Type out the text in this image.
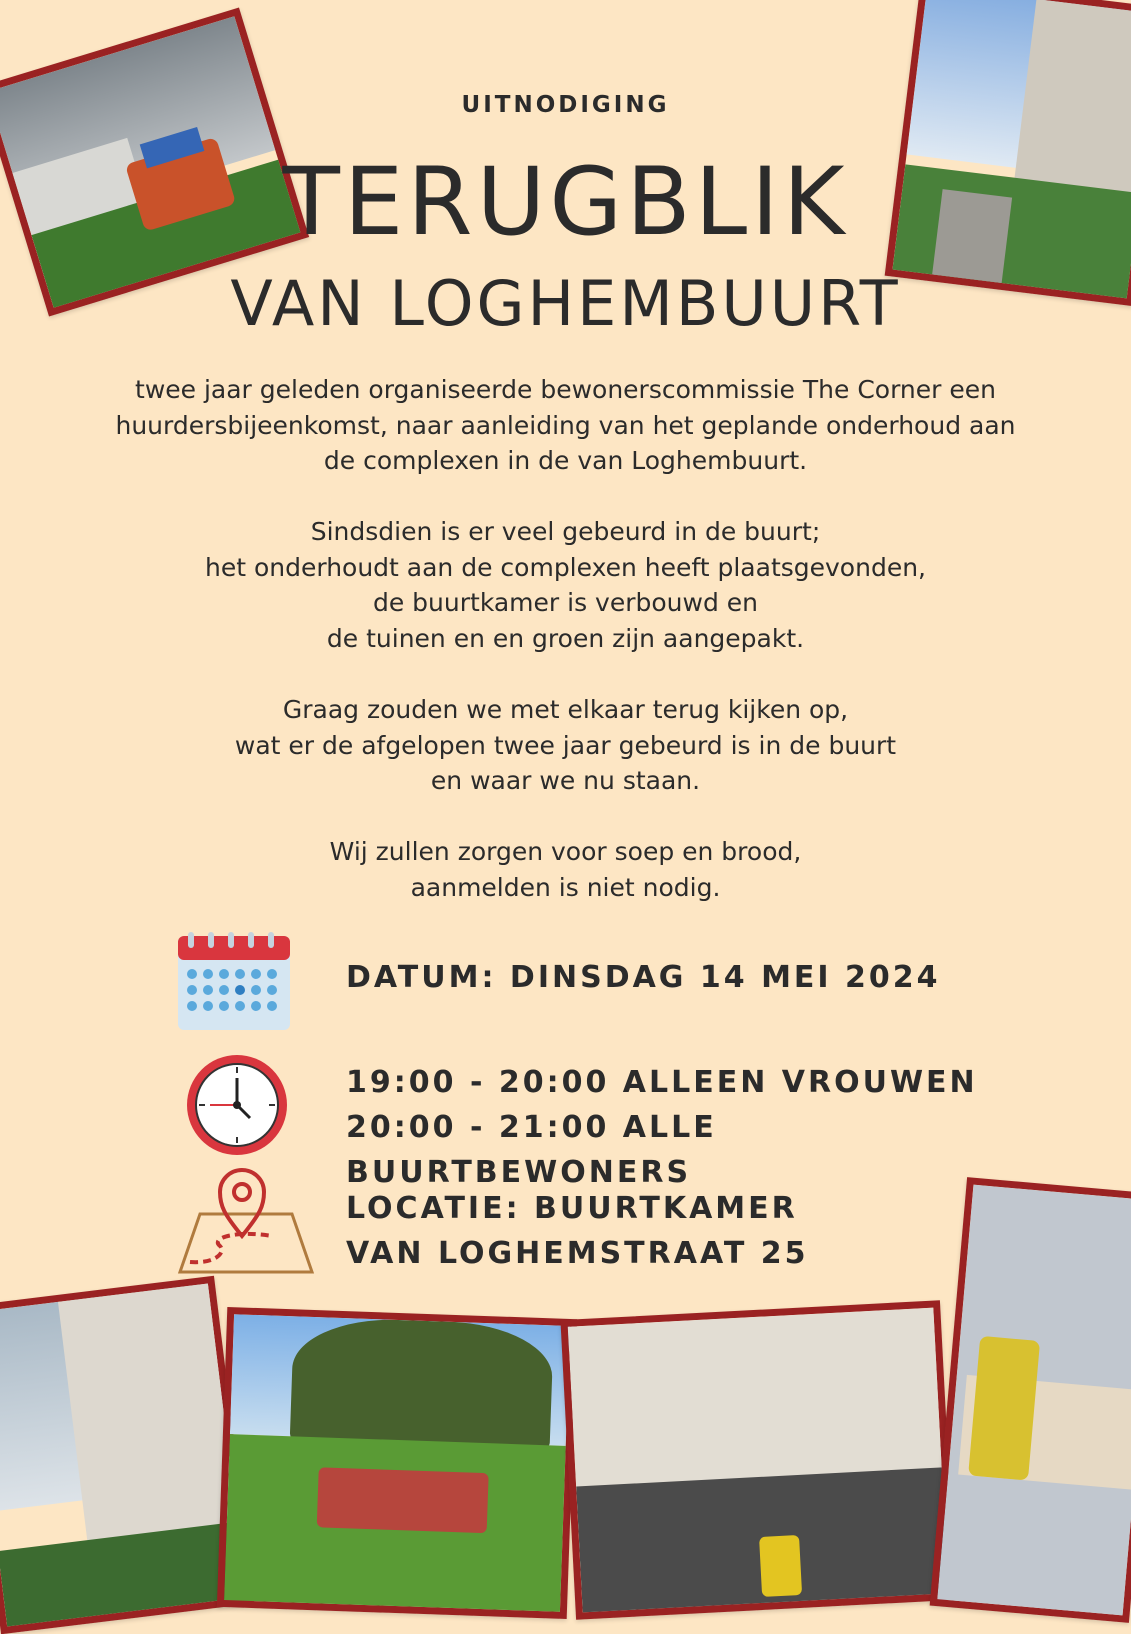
UITNODIGING
TERUGBLIK
VAN LOGHEMBUURT

twee jaar geleden organiseerde bewonerscommissie The Corner een
huurdersbijeenkomst, naar aanleiding van het geplande onderhoud aan
de complexen in de van Loghembuurt.

Sindsdien is er veel gebeurd in de buurt;
het onderhoudt aan de complexen heeft plaatsgevonden,
de buurtkamer is verbouwd en
de tuinen en en groen zijn aangepakt.

Graag zouden we met elkaar terug kijken op,
wat er de afgelopen twee jaar gebeurd is in de buurt
en waar we nu staan.

Wij zullen zorgen voor soep en brood,
aanmelden is niet nodig.

DATUM: DINSDAG 14 MEI 2024
19:00 - 20:00 ALLEEN VROUWEN
20:00 - 21:00 ALLE BUURTBEWONERS
LOCATIE: BUURTKAMER
VAN LOGHEMSTRAAT 25
